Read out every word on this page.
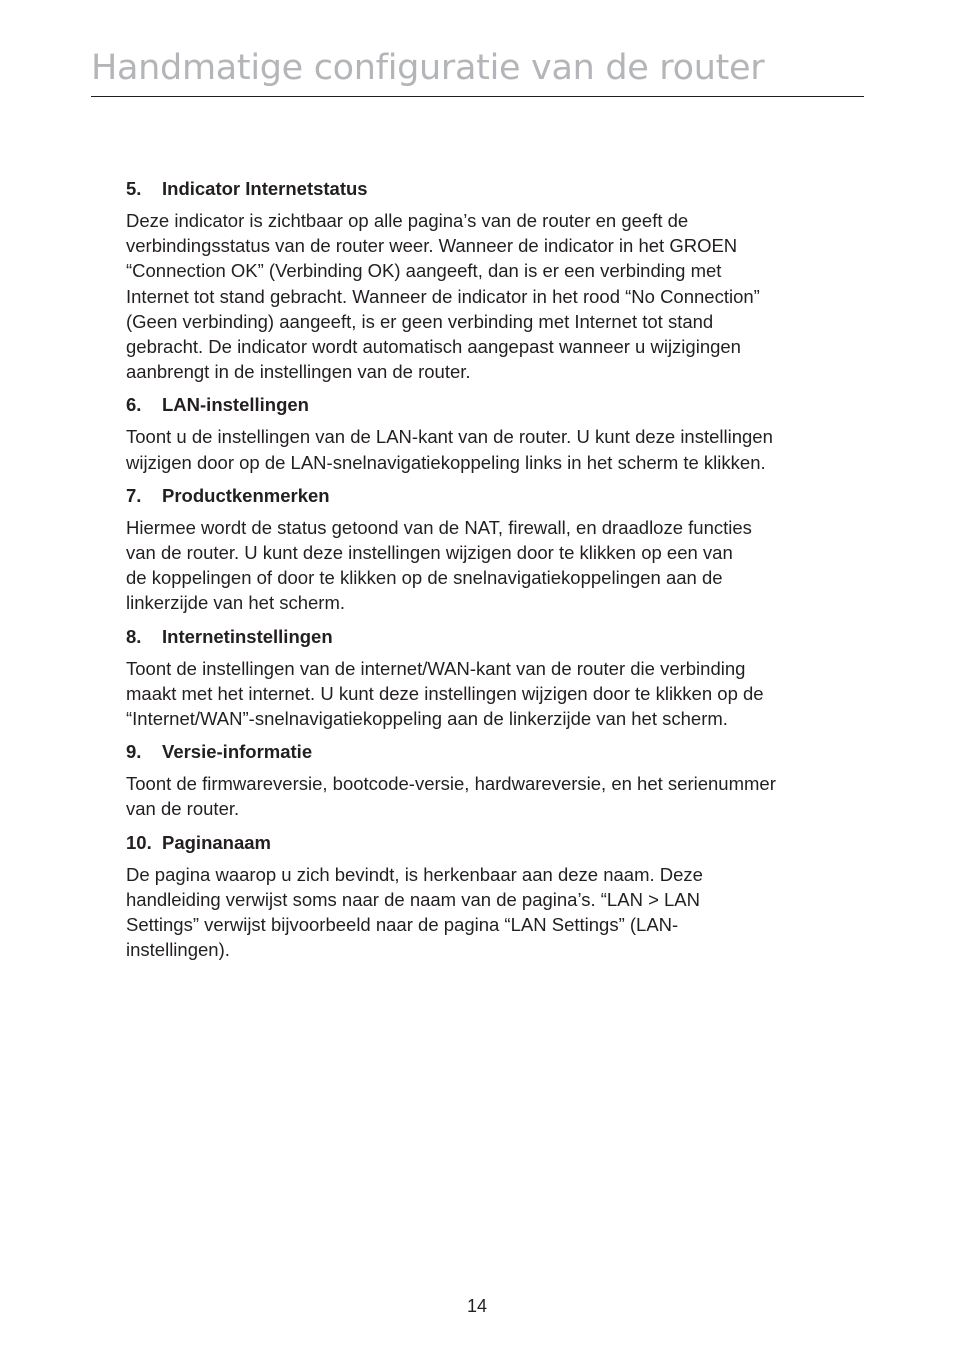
Handmatige configuratie van de router
5.	Indicator Internetstatus

Deze indicator is zichtbaar op alle pagina’s van de router en geeft de
verbindingsstatus van de router weer. Wanneer de indicator in het GROEN
“Connection OK” (Verbinding OK) aangeeft, dan is er een verbinding met
Internet tot stand gebracht. Wanneer de indicator in het rood “No Connection”
(Geen verbinding) aangeeft, is er geen verbinding met Internet tot stand
gebracht. De indicator wordt automatisch aangepast wanneer u wijzigingen
aanbrengt in de instellingen van de router.

6.	LAN-instellingen

Toont u de instellingen van de LAN-kant van de router. U kunt deze instellingen
wijzigen door op de LAN-snelnavigatiekoppeling links in het scherm te klikken.

7.	Productkenmerken

Hiermee wordt de status getoond van de NAT, firewall, en draadloze functies
van de router. U kunt deze instellingen wijzigen door te klikken op een van
de koppelingen of door te klikken op de snelnavigatiekoppelingen aan de
linkerzijde van het scherm.

8.	Internetinstellingen

Toont de instellingen van de internet/WAN-kant van de router die verbinding
maakt met het internet. U kunt deze instellingen wijzigen door te klikken op de
“Internet/WAN”-snelnavigatiekoppeling aan de linkerzijde van het scherm.

9.	Versie-informatie

Toont de firmwareversie, bootcode-versie, hardwareversie, en het serienummer
van de router.

10. Paginanaam

De pagina waarop u zich bevindt, is herkenbaar aan deze naam. Deze
handleiding verwijst soms naar de naam van de pagina’s. “LAN > LAN
Settings” verwijst bijvoorbeeld naar de pagina “LAN Settings” (LAN-
instellingen).

14
